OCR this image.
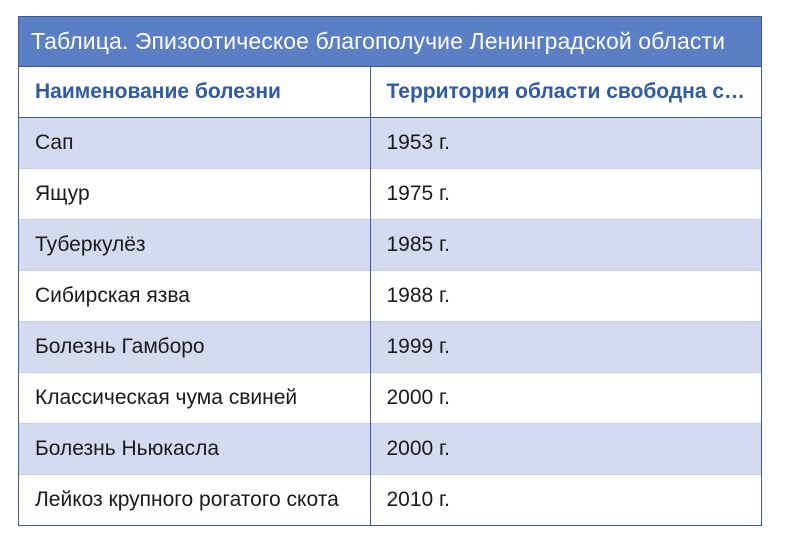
Таблица. Эпизоотическое благополучие Ленинградской области
Наименование болезни	Территория области свободна с…
Сап	1953 г.
Ящур	1975 г.
Туберкулёз	1985 г.
Сибирская язва	1988 г.
Болезнь Гамборо	1999 г.
Классическая чума свиней	2000 г.
Болезнь Ньюкасла	2000 г.
Лейкоз крупного рогатого скота	2010 г.
